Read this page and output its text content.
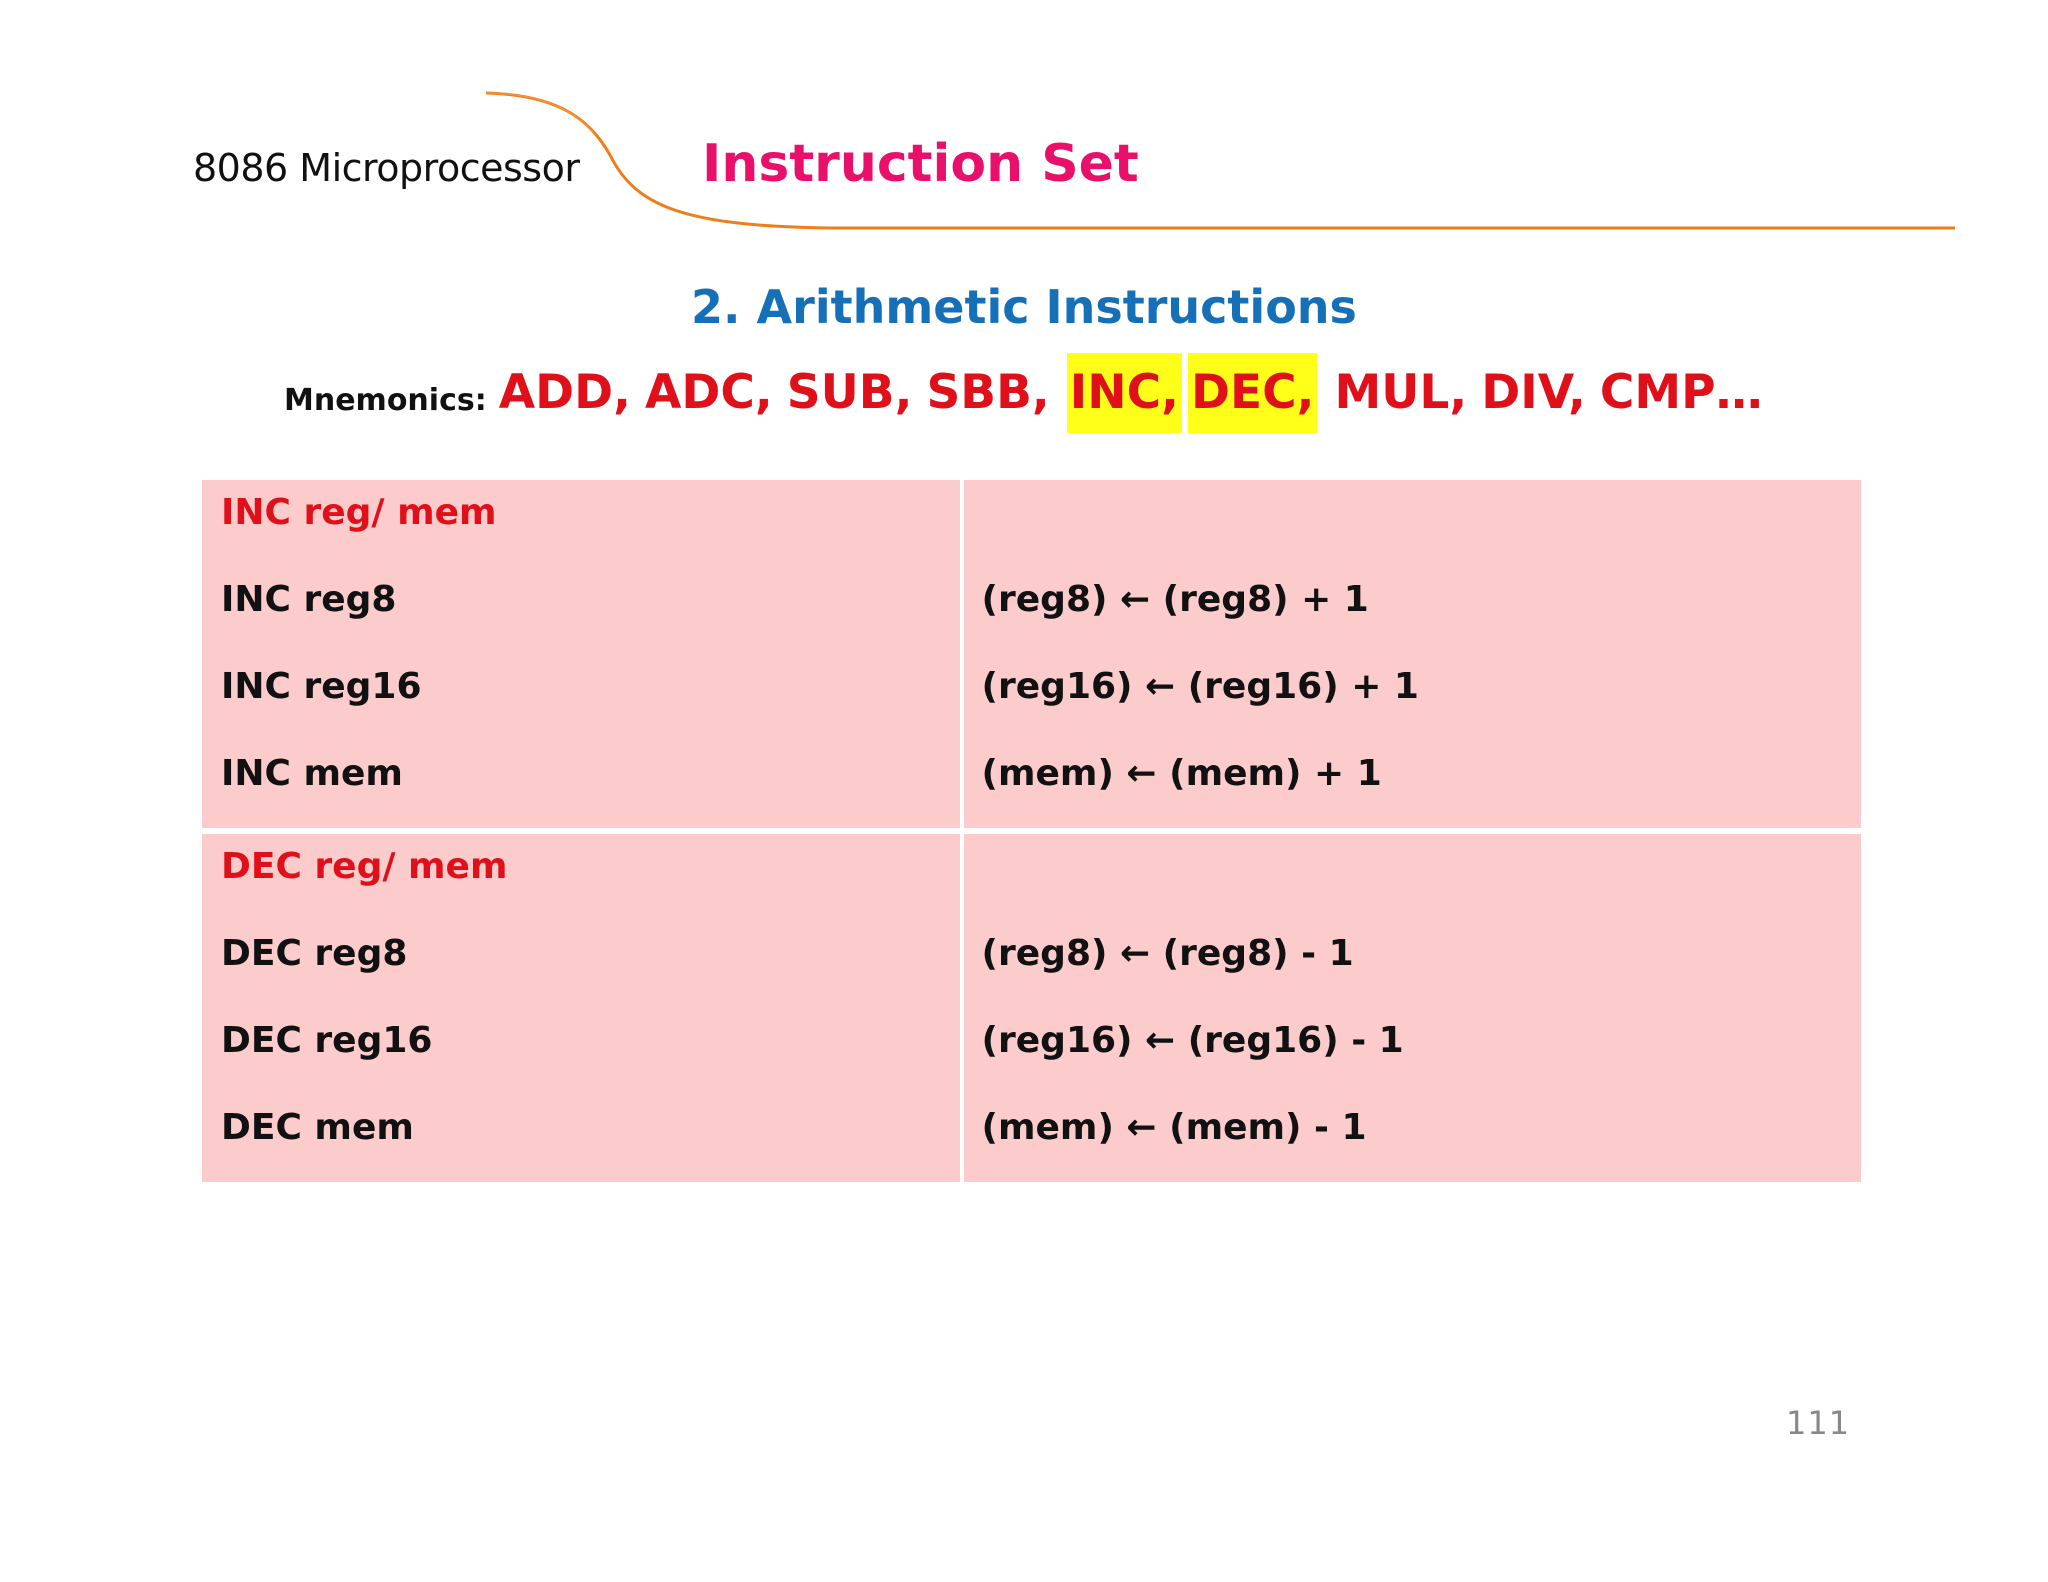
8086 Microprocessor Instruction Set
2. Arithmetic Instructions
Mnemonics: ADD, ADC, SUB, SBB, INC, DEC, MUL, DIV, CMP…
INC reg/ mem
INC reg8
INC reg16
INC mem
(reg8) ← (reg8) + 1
(reg16) ← (reg16) + 1
(mem) ← (mem) + 1
DEC reg/ mem
DEC reg8
DEC reg16
DEC mem
(reg8) ← (reg8) - 1
(reg16) ← (reg16) - 1
(mem) ← (mem) - 1
111
